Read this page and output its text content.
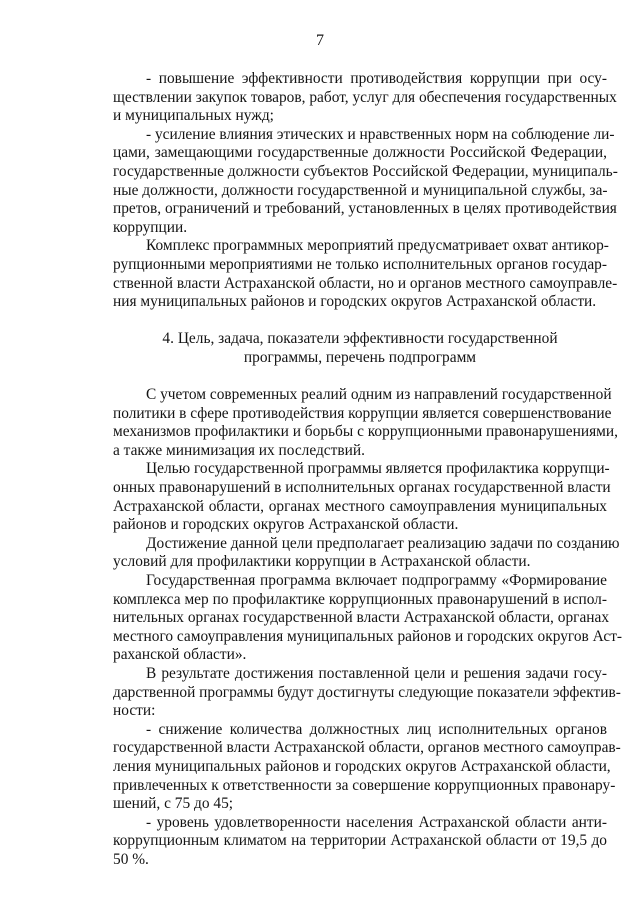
7
- повышение эффективности противодействия коррупции при осу-
ществлении закупок товаров, работ, услуг для обеспечения государственных
и муниципальных нужд;
- усиление влияния этических и нравственных норм на соблюдение ли-
цами, замещающими государственные должности Российской Федерации,
государственные должности субъектов Российской Федерации, муниципаль-
ные должности, должности государственной и муниципальной службы, за-
претов, ограничений и требований, установленных в целях противодействия
коррупции.
Комплекс программных мероприятий предусматривает охват антикор-
рупционными мероприятиями не только исполнительных органов государ-
ственной власти Астраханской области, но и органов местного самоуправле-
ния муниципальных районов и городских округов Астраханской области.
4. Цель, задача, показатели эффективности государственной
программы, перечень подпрограмм
С учетом современных реалий одним из направлений государственной
политики в сфере противодействия коррупции является совершенствование
механизмов профилактики и борьбы с коррупционными правонарушениями,
а также минимизация их последствий.
Целью государственной программы является профилактика коррупци-
онных правонарушений в исполнительных органах государственной власти
Астраханской области, органах местного самоуправления муниципальных
районов и городских округов Астраханской области.
Достижение данной цели предполагает реализацию задачи по созданию
условий для профилактики коррупции в Астраханской области.
Государственная программа включает подпрограмму «Формирование
комплекса мер по профилактике коррупционных правонарушений в испол-
нительных органах государственной власти Астраханской области, органах
местного самоуправления муниципальных районов и городских округов Аст-
раханской области».
В результате достижения поставленной цели и решения задачи госу-
дарственной программы будут достигнуты следующие показатели эффектив-
ности:
- снижение количества должностных лиц исполнительных органов
государственной власти Астраханской области, органов местного самоуправ-
ления муниципальных районов и городских округов Астраханской области,
привлеченных к ответственности за совершение коррупционных правонару-
шений, с 75 до 45;
- уровень удовлетворенности населения Астраханской области анти-
коррупционным климатом на территории Астраханской области от 19,5 до
50 %.
